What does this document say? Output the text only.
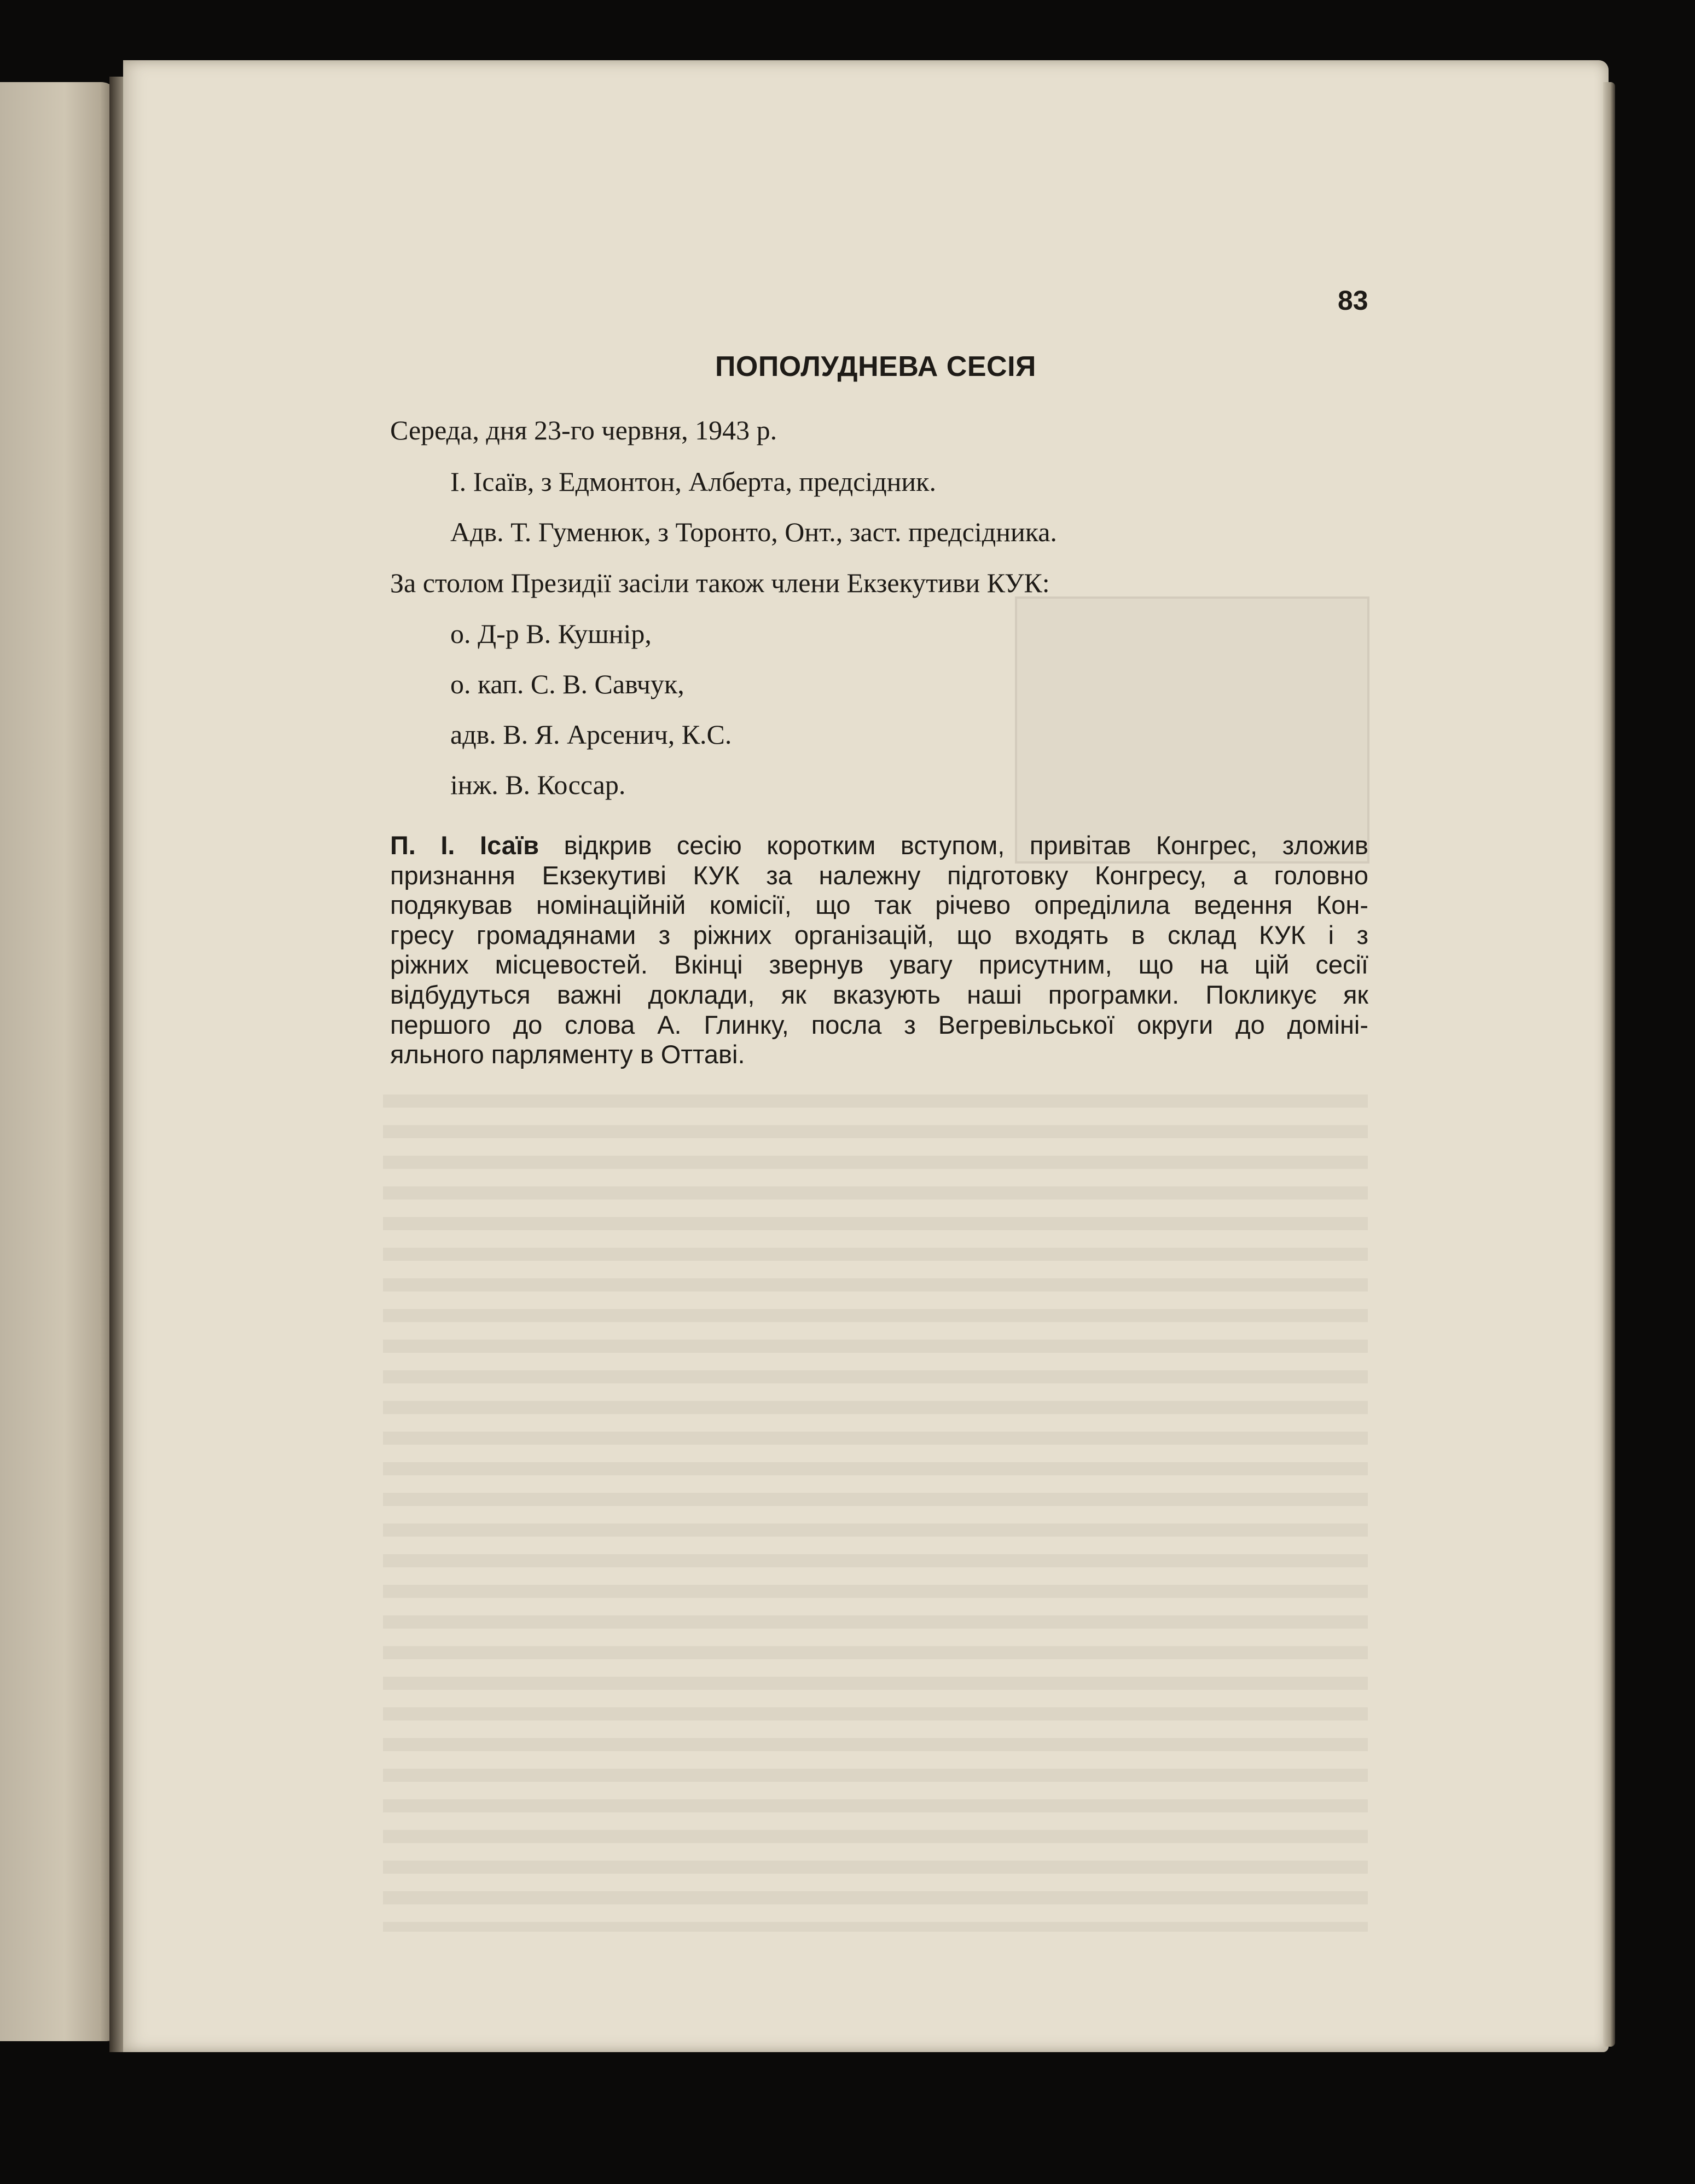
83
ПОПОЛУДНЕВА СЕСІЯ
Середа, дня 23-го червня, 1943 р.
І. Ісаїв, з Едмонтон, Алберта, предсідник.
Адв. Т. Гуменюк, з Торонто, Онт., заст. предсідника.
За столом Президії засіли також члени Екзекутиви КУК:
о. Д-р В. Кушнір,
о. кап. С. В. Савчук,
адв. В. Я. Арсенич, К.С.
інж. В. Коссар.
П. І. Ісаїв відкрив сесію коротким вступом, привітав Конгрес, зложив
признання Екзекутиві КУК за належну підготовку Конгресу, а головно
подякував номінаційній комісії, що так річево опреділила ведення Кон-
гресу громадянами з ріжних органiзацій, що входять в склад КУК і з
ріжних місцевостей. Вкінці звернув увагу присутним, що на цій сесії
відбудуться важні доклади, як вказують наші програмки. Покликує як
першого до слова А. Глинку, посла з Вегревільської округи до доміні-
яльного парляменту в Оттаві.
